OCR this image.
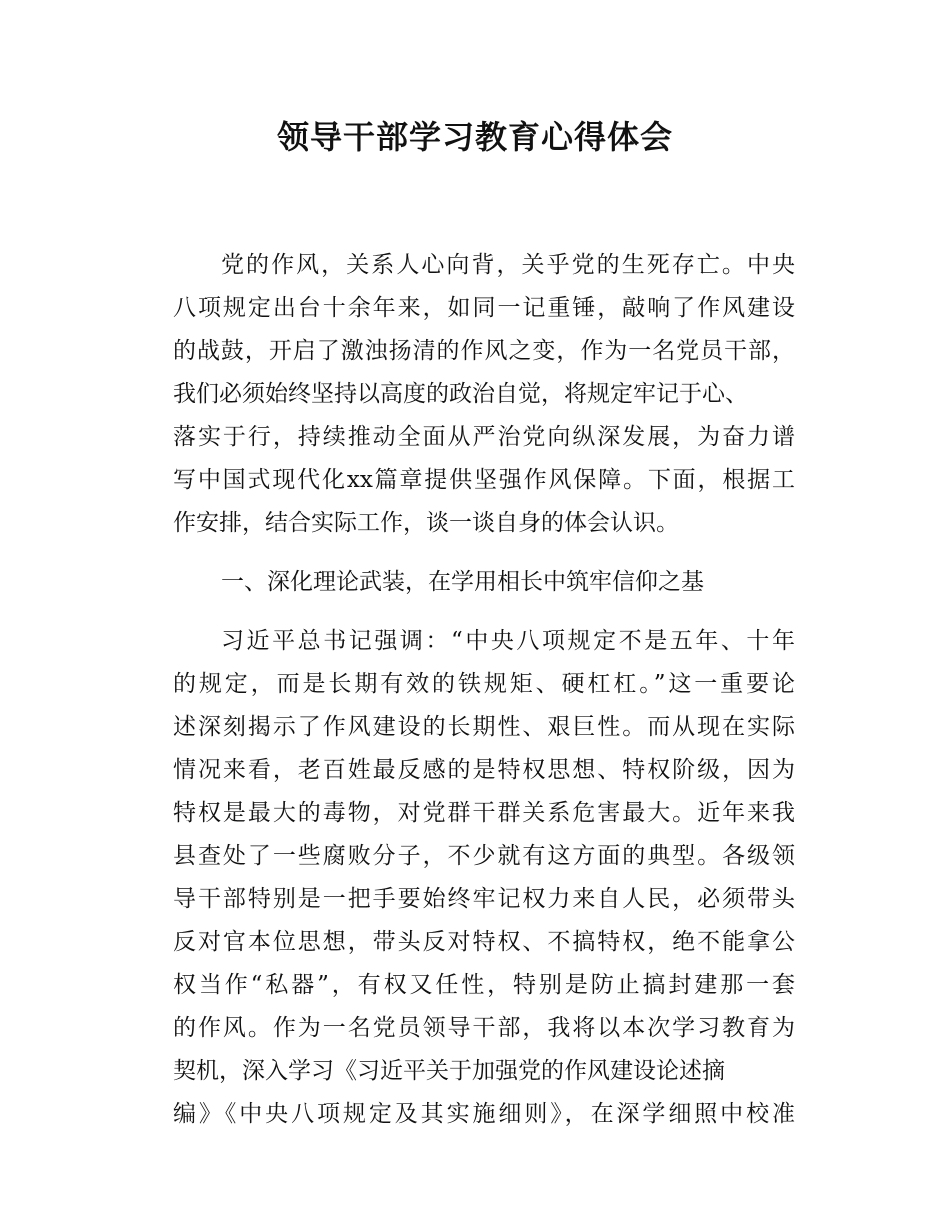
领导干部学习教育心得体会
党的作风，关系人心向背，关乎党的生死存亡。中央
八项规定出台十余年来，如同一记重锤，敲响了作风建设
的战鼓，开启了激浊扬清的作风之变，作为一名党员干部，
我们必须始终坚持以高度的政治自觉，将规定牢记于心、
落实于行，持续推动全面从严治党向纵深发展，为奋力谱
写中国式现代化xx篇章提供坚强作风保障。下面，根据工
作安排，结合实际工作，谈一谈自身的体会认识。
一、深化理论武装，在学用相长中筑牢信仰之基
习近平总书记强调：“中央八项规定不是五年、十年
的规定，而是长期有效的铁规矩、硬杠杠。”这一重要论
述深刻揭示了作风建设的长期性、艰巨性。而从现在实际
情况来看，老百姓最反感的是特权思想、特权阶级，因为
特权是最大的毒物，对党群干群关系危害最大。近年来我
县查处了一些腐败分子，不少就有这方面的典型。各级领
导干部特别是一把手要始终牢记权力来自人民，必须带头
反对官本位思想，带头反对特权、不搞特权，绝不能拿公
权当作“私器”，有权又任性，特别是防止搞封建那一套
的作风。作为一名党员领导干部，我将以本次学习教育为
契机，深入学习《习近平关于加强党的作风建设论述摘
编》《中央八项规定及其实施细则》，在深学细照中校准
